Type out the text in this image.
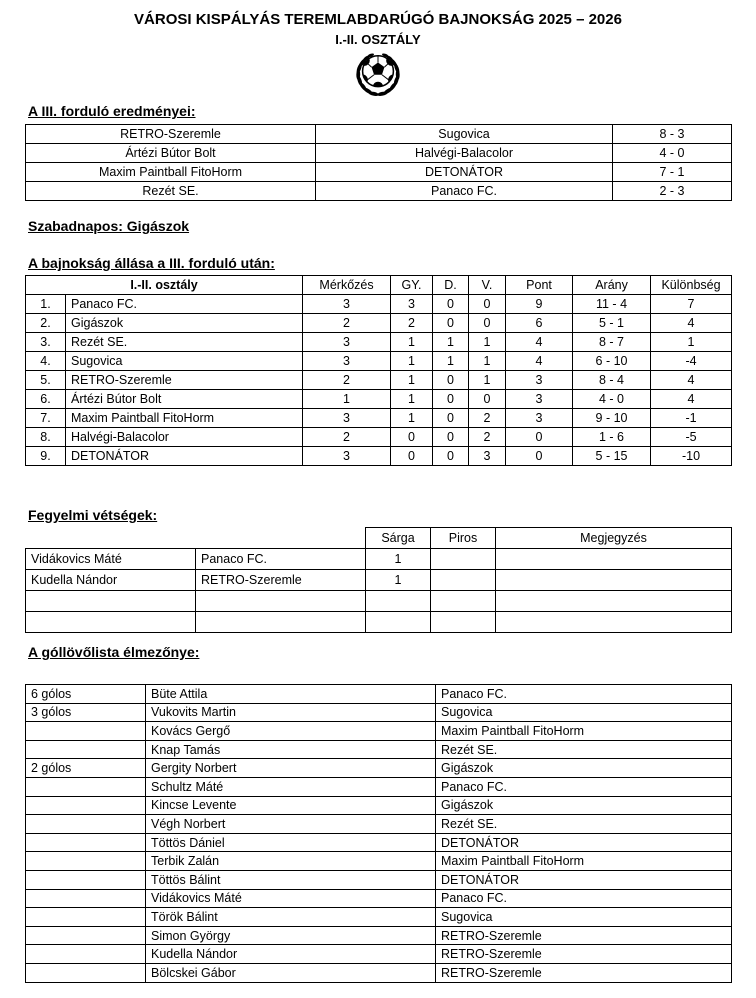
VÁROSI KISPÁLYÁS TEREMLABDARÚGÓ BAJNOKSÁG 2025 – 2026
I.-II. OSZTÁLY
A III. forduló eredményei:
RETRO-Szeremle	Sugovica	8 - 3
Ártézi Bútor Bolt	Halvégi-Balacolor	4 - 0
Maxim Paintball FitoHorm	DETONÁTOR	7 - 1
Rezét SE.	Panaco FC.	2 - 3
Szabadnapos: Gigászok
A bajnokság állása a III. forduló után:
I.-II. osztály		Mérkőzés	GY.	D.	V.	Pont	Arány	Különbség
1.	Panaco FC.	3	3	0	0	9	11 - 4	7
2.	Gigászok	2	2	0	0	6	5 - 1	4
3.	Rezét SE.	3	1	1	1	4	8 - 7	1
4.	Sugovica	3	1	1	1	4	6 - 10	-4
5.	RETRO-Szeremle	2	1	0	1	3	8 - 4	4
6.	Ártézi Bútor Bolt	1	1	0	0	3	4 - 0	4
7.	Maxim Paintball FitoHorm	3	1	0	2	3	9 - 10	-1
8.	Halvégi-Balacolor	2	0	0	2	0	1 - 6	-5
9.	DETONÁTOR	3	0	0	3	0	5 - 15	-10
Fegyelmi vétségek:
		Sárga	Piros	Megjegyzés
Vidákovics Máté	Panaco FC.	1		
Kudella Nándor	RETRO-Szeremle	1		

A góllövőlista élmezőnye:
6 gólos	Büte Attila	Panaco FC.
3 gólos	Vukovits Martin	Sugovica
	Kovács Gergő	Maxim Paintball FitoHorm
	Knap Tamás	Rezét SE.
2 gólos	Gergity Norbert	Gigászok
	Schultz Máté	Panaco FC.
	Kincse Levente	Gigászok
	Végh Norbert	Rezét SE.
	Töttös Dániel	DETONÁTOR
	Terbik Zalán	Maxim Paintball FitoHorm
	Töttös Bálint	DETONÁTOR
	Vidákovics Máté	Panaco FC.
	Török Bálint	Sugovica
	Simon György	RETRO-Szeremle
	Kudella Nándor	RETRO-Szeremle
	Bölcskei Gábor	RETRO-Szeremle
